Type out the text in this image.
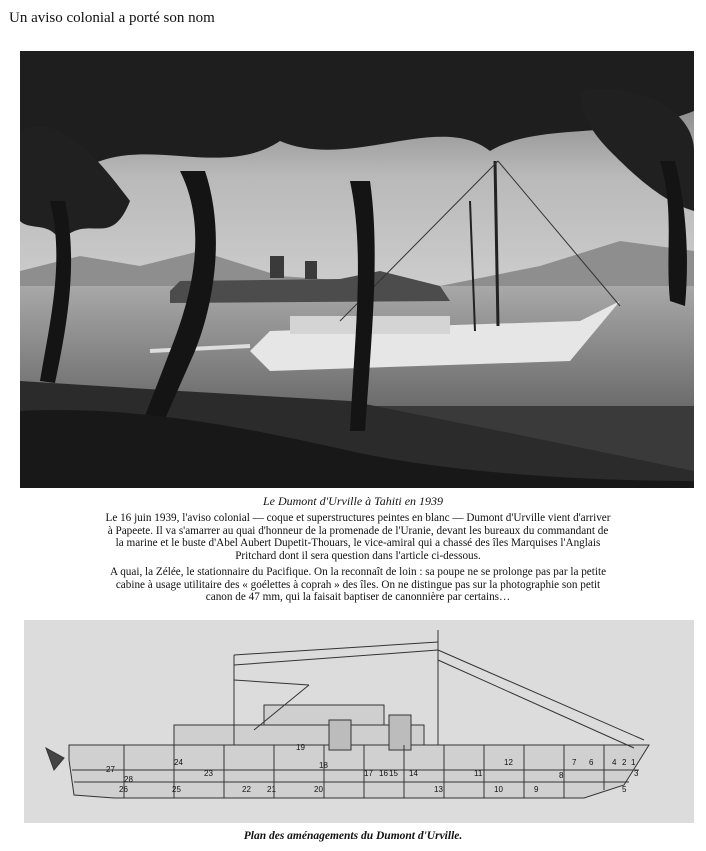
Un aviso colonial a porté son nom
Le Dumont d'Urville à Tahiti en 1939
Le 16 juin 1939, l'aviso colonial — coque et superstructures peintes en blanc — Dumont d'Urville vient d'arriver à Papeete. Il va s'amarrer au quai d'honneur de la promenade de l'Uranie, devant les bureaux du commandant de la marine et le buste d'Abel Aubert Dupetit-Thouars, le vice-amiral qui a chassé des îles Marquises l'Anglais Pritchard dont il sera question dans l'article ci-dessous.
A quai, la Zélée, le stationnaire du Pacifique. On la reconnaît de loin : sa poupe ne se prolonge pas par la petite cabine à usage utilitaire des « goélettes à coprah » des îles. On ne distingue pas sur la photographie son petit canon de 47 mm, qui la faisait baptiser de canonnière par certains…
1
2
3
4
5
6
7
8
9
10
11
12
13
14
15
16
17
18
19
20
21
22
23
24
25
26
27
28
Plan des aménagements du Dumont d'Urville.
